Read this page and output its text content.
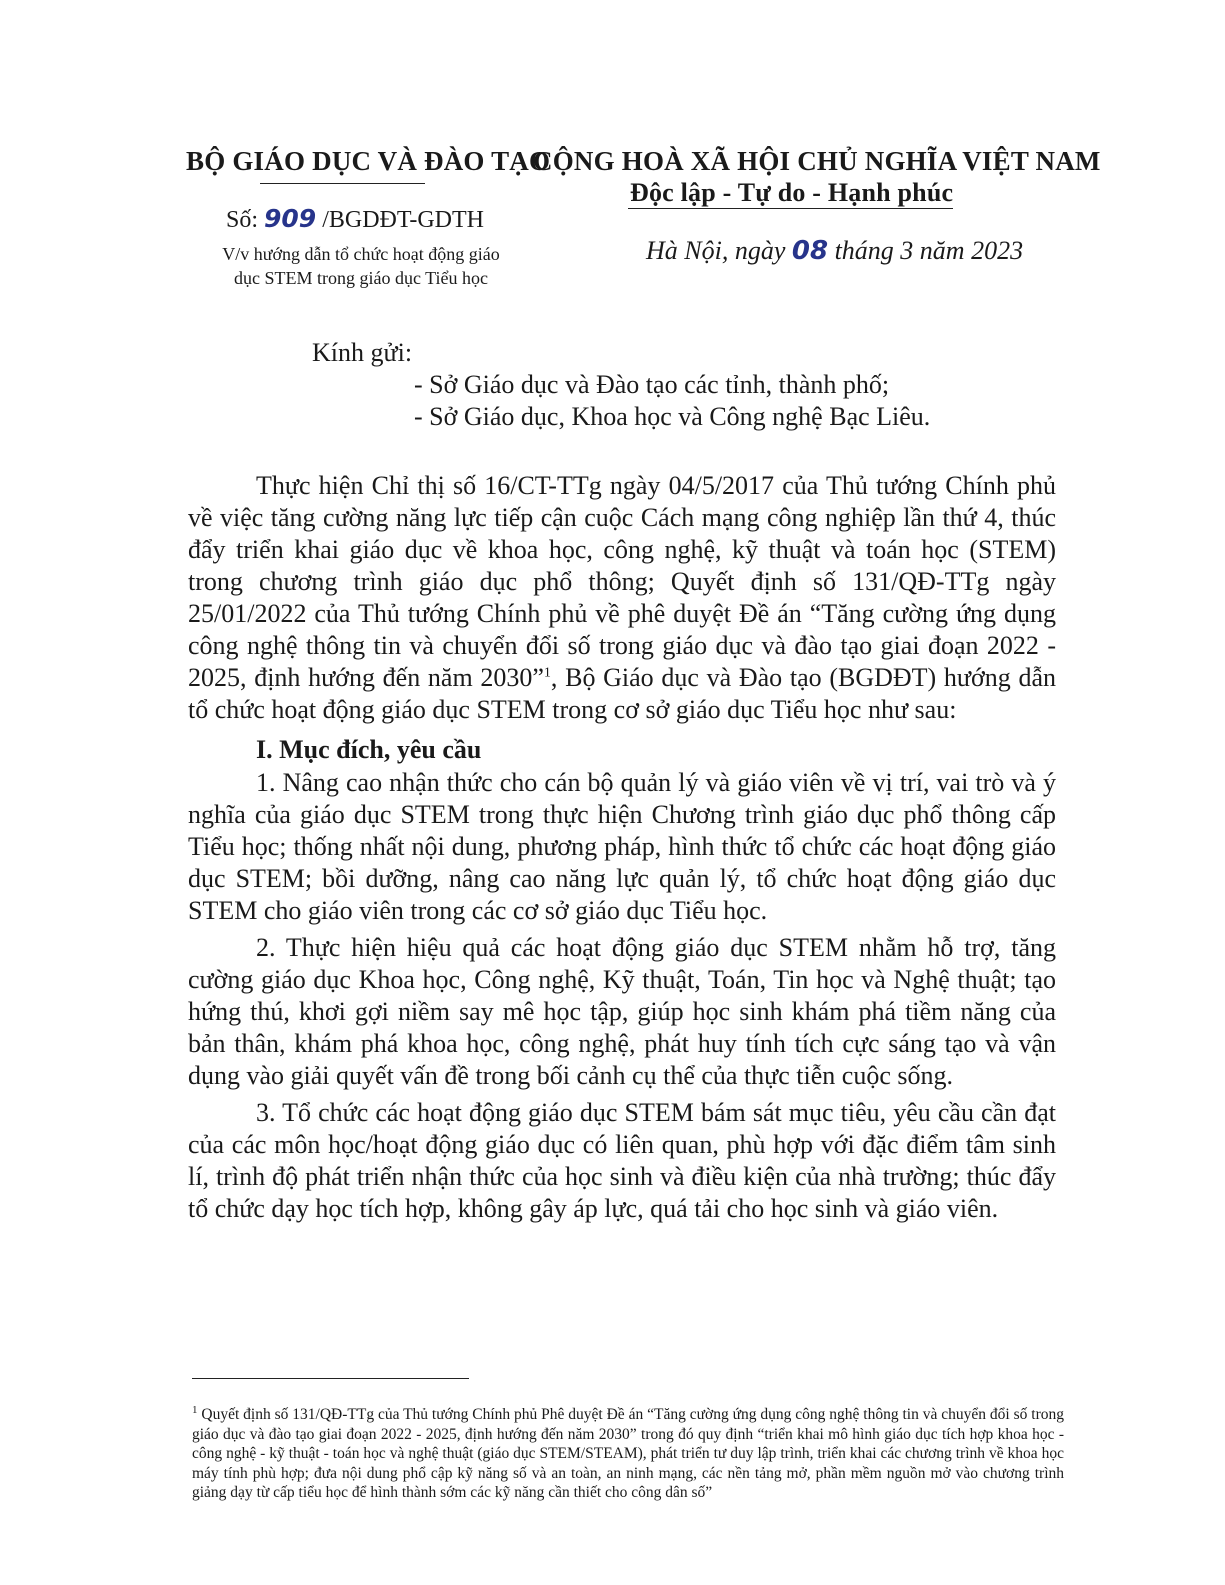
BỘ GIÁO DỤC VÀ ĐÀO TẠO
CỘNG HOÀ XÃ HỘI CHỦ NGHĨA VIỆT NAM
Độc lập - Tự do - Hạnh phúc
Số: 909 /BGDĐT-GDTH
V/v hướng dẫn tổ chức hoạt động giáo
dục STEM trong giáo dục Tiểu học
Hà Nội, ngày 08 tháng 3 năm 2023
Kính gửi:
- Sở Giáo dục và Đào tạo các tỉnh, thành phố;
- Sở Giáo dục, Khoa học và Công nghệ Bạc Liêu.
Thực hiện Chỉ thị số 16/CT-TTg ngày 04/5/2017 của Thủ tướng Chính phủ về việc tăng cường năng lực tiếp cận cuộc Cách mạng công nghiệp lần thứ 4, thúc đẩy triển khai giáo dục về khoa học, công nghệ, kỹ thuật và toán học (STEM) trong chương trình giáo dục phổ thông; Quyết định số 131/QĐ-TTg ngày 25/01/2022 của Thủ tướng Chính phủ về phê duyệt Đề án “Tăng cường ứng dụng công nghệ thông tin và chuyển đổi số trong giáo dục và đào tạo giai đoạn 2022 - 2025, định hướng đến năm 2030”$^1$, Bộ Giáo dục và Đào tạo (BGDĐT) hướng dẫn tổ chức hoạt động giáo dục STEM trong cơ sở giáo dục Tiểu học như sau:
I. Mục đích, yêu cầu
1. Nâng cao nhận thức cho cán bộ quản lý và giáo viên về vị trí, vai trò và ý nghĩa của giáo dục STEM trong thực hiện Chương trình giáo dục phổ thông cấp Tiểu học; thống nhất nội dung, phương pháp, hình thức tổ chức các hoạt động giáo dục STEM; bồi dưỡng, nâng cao năng lực quản lý, tổ chức hoạt động giáo dục STEM cho giáo viên trong các cơ sở giáo dục Tiểu học.
2. Thực hiện hiệu quả các hoạt động giáo dục STEM nhằm hỗ trợ, tăng cường giáo dục Khoa học, Công nghệ, Kỹ thuật, Toán, Tin học và Nghệ thuật; tạo hứng thú, khơi gợi niềm say mê học tập, giúp học sinh khám phá tiềm năng của bản thân, khám phá khoa học, công nghệ, phát huy tính tích cực sáng tạo và vận dụng vào giải quyết vấn đề trong bối cảnh cụ thể của thực tiễn cuộc sống.
3. Tổ chức các hoạt động giáo dục STEM bám sát mục tiêu, yêu cầu cần đạt của các môn học/hoạt động giáo dục có liên quan, phù hợp với đặc điểm tâm sinh lí, trình độ phát triển nhận thức của học sinh và điều kiện của nhà trường; thúc đẩy tổ chức dạy học tích hợp, không gây áp lực, quá tải cho học sinh và giáo viên.
$^1$ Quyết định số 131/QĐ-TTg của Thủ tướng Chính phủ Phê duyệt Đề án “Tăng cường ứng dụng công nghệ thông tin và chuyển đổi số trong giáo dục và đào tạo giai đoạn 2022 - 2025, định hướng đến năm 2030” trong đó quy định “triển khai mô hình giáo dục tích hợp khoa học - công nghệ - kỹ thuật - toán học và nghệ thuật (giáo dục STEM/STEAM), phát triển tư duy lập trình, triển khai các chương trình về khoa học máy tính phù hợp; đưa nội dung phổ cập kỹ năng số và an toàn, an ninh mạng, các nền tảng mở, phần mềm nguồn mở vào chương trình giảng dạy từ cấp tiểu học để hình thành sớm các kỹ năng cần thiết cho công dân số”
